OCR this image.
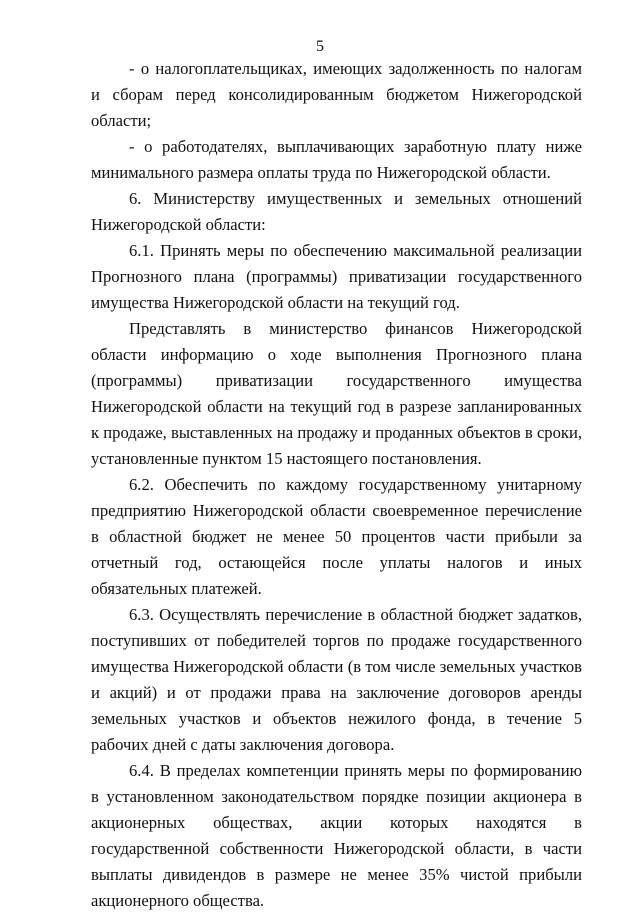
5

- о налогоплательщиках, имеющих задолженность по налогам и сборам перед консолидированным бюджетом Нижегородской области;

- о работодателях, выплачивающих заработную плату ниже минимального размера оплаты труда по Нижегородской области.

6. Министерству имущественных и земельных отношений Нижегородской области:

6.1. Принять меры по обеспечению максимальной реализации Прогнозного плана (программы) приватизации государственного имущества Нижегородской области на текущий год.

Представлять в министерство финансов Нижегородской области информацию о ходе выполнения Прогнозного плана (программы) приватизации государственного имущества Нижегородской области на текущий год в разрезе запланированных к продаже, выставленных на продажу и проданных объектов в сроки, установленные пунктом 15 настоящего постановления.

6.2. Обеспечить по каждому государственному унитарному предприятию Нижегородской области своевременное перечисление в областной бюджет не менее 50 процентов части прибыли за отчетный год, остающейся после уплаты налогов и иных обязательных платежей.

6.3. Осуществлять перечисление в областной бюджет задатков, поступивших от победителей торгов по продаже государственного имущества Нижегородской области (в том числе земельных участков и акций) и от продажи права на заключение договоров аренды земельных участков и объектов нежилого фонда, в течение 5 рабочих дней с даты заключения договора.

6.4. В пределах компетенции принять меры по формированию в установленном законодательством порядке позиции акционера в акционерных обществах, акции которых находятся в государственной собственности Нижегородской области, в части выплаты дивидендов в размере не менее 35% чистой прибыли акционерного общества.
